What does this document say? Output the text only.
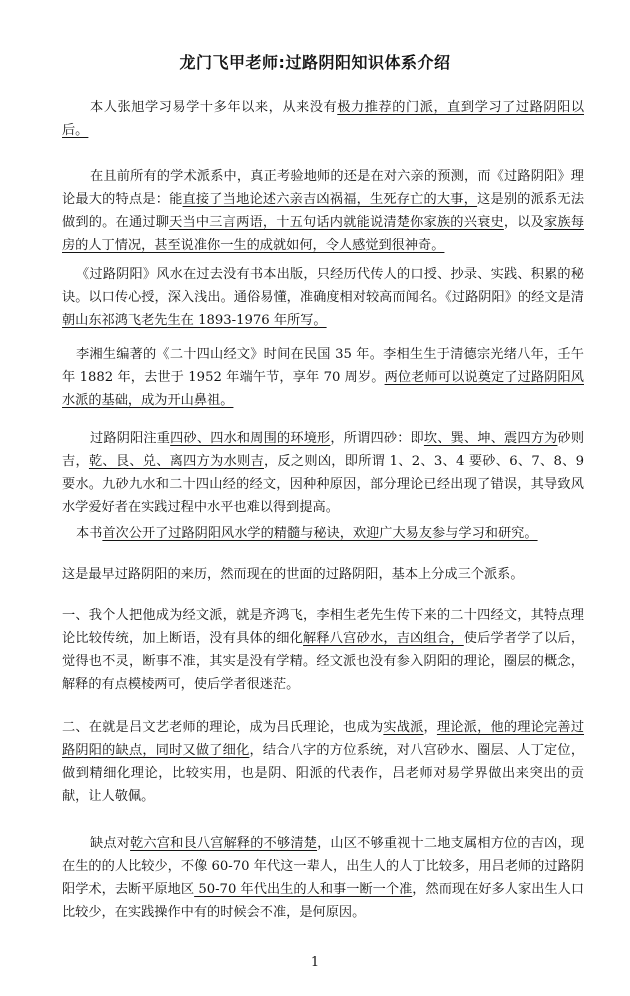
龙门飞甲老师:过路阴阳知识体系介绍
本人张旭学习易学十多年以来，从来没有极力推荐的门派，直到学习了过路阴阳以后。
在且前所有的学术派系中，真正考验地师的还是在对六亲的预测，而《过路阴阳》理论最大的特点是：能直接了当地论述六亲吉凶祸福，生死存亡的大事，这是别的派系无法做到的。在通过聊天当中三言两语，十五句话内就能说清楚你家族的兴衰史，以及家族每房的人丁情况，甚至说准你一生的成就如何，令人感觉到很神奇。
《过路阴阳》风水在过去没有书本出版，只经历代传人的口授、抄录、实践、积累的秘诀。以口传心授，深入浅出。通俗易懂，准确度相对较高而闻名。《过路阴阳》的经文是清朝山东祁鸿飞老先生在 1893-1976 年所写。
李湘生编著的《二十四山经文》时间在民国 35 年。李相生生于清德宗光绪八年，壬午年 1882 年，去世于 1952 年端午节，享年 70 周岁。两位老师可以说奠定了过路阴阳风水派的基础，成为开山鼻祖。
过路阴阳注重四砂、四水和周围的环境形，所谓四砂：即坎、巽、坤、震四方为砂则吉，乾、艮、兑、离四方为水则吉，反之则凶，即所谓 1、2、3、4 要砂、6、7、8、9 要水。九砂九水和二十四山经的经文，因种种原因，部分理论已经出现了错误，其导致风水学爱好者在实践过程中水平也难以得到提高。
本书首次公开了过路阴阳风水学的精髓与秘诀，欢迎广大易友参与学习和研究。
这是最早过路阴阳的来历，然而现在的世面的过路阴阳，基本上分成三个派系。
一、我个人把他成为经文派，就是齐鸿飞，李相生老先生传下来的二十四经文，其特点理论比较传统，加上断语，没有具体的细化解释八宫砂水，吉凶组合，使后学者学了以后，觉得也不灵，断事不准，其实是没有学精。经文派也没有参入阴阳的理论，圈层的概念，解释的有点模棱两可，使后学者很迷茫。
二、在就是吕文艺老师的理论，成为吕氏理论，也成为实战派，理论派，他的理论完善过路阴阳的缺点，同时又做了细化，结合八字的方位系统，对八宫砂水、圈层、人丁定位，做到精细化理论，比较实用，也是阴、阳派的代表作，吕老师对易学界做出来突出的贡献，让人敬佩。
缺点对乾六宫和艮八宫解释的不够清楚，山区不够重视十二地支属相方位的吉凶，现在生的的人比较少，不像 60-70 年代这一辈人，出生人的人丁比较多，用吕老师的过路阴阳学术，去断平原地区 50-70 年代出生的人和事一断一个准，然而现在好多人家出生人口比较少，在实践操作中有的时候会不准，是何原因。
1
